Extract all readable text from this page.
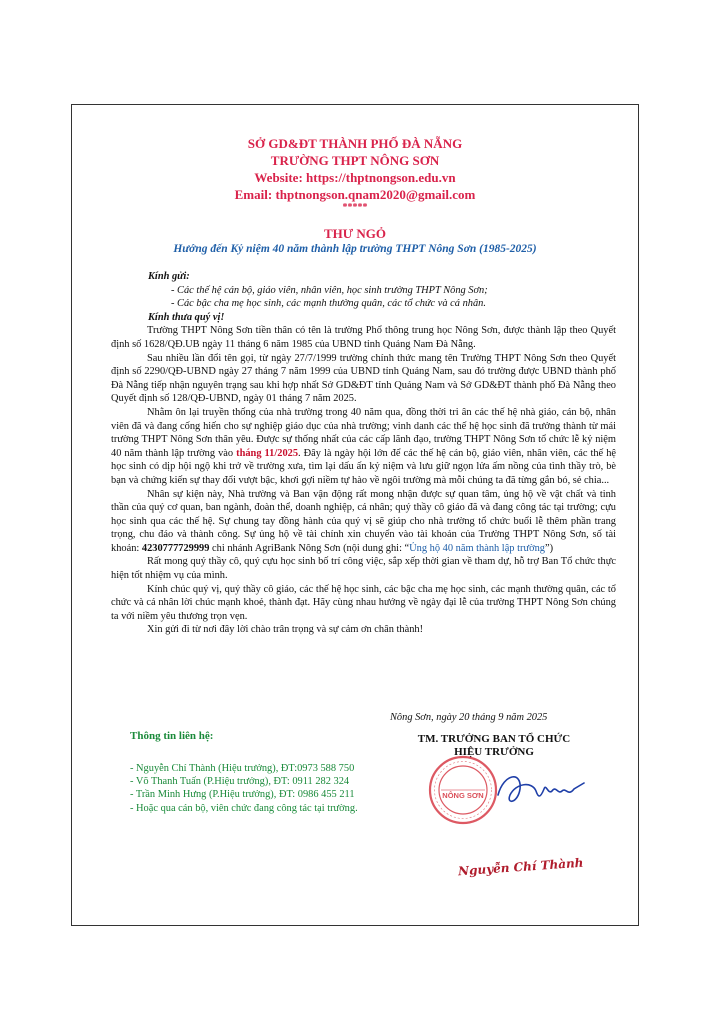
SỞ GD&ĐT THÀNH PHỐ ĐÀ NẴNG
TRƯỜNG THPT NÔNG SƠN
Website: https://thptnongson.edu.vn
Email: thptnongson.qnam2020@gmail.com
*****
THƯ NGỎ
Hướng đến Kỷ niệm 40 năm thành lập trường THPT Nông Sơn (1985-2025)
Kính gửi:
- Các thế hệ cán bộ, giáo viên, nhân viên, học sinh trường THPT Nông Sơn;
- Các bậc cha mẹ học sinh, các mạnh thường quân, các tổ chức và cá nhân.
Kính thưa quý vị!

Trường THPT Nông Sơn tiền thân có tên là trường Phổ thông trung học Nông Sơn, được thành lập theo Quyết định số 1628/QĐ.UB ngày 11 tháng 6 năm 1985 của UBND tỉnh Quảng Nam Đà Nẵng.

Sau nhiều lần đổi tên gọi, từ ngày 27/7/1999 trường chính thức mang tên Trường THPT Nông Sơn theo Quyết định số 2290/QĐ-UBND ngày 27 tháng 7 năm 1999 của UBND tỉnh Quảng Nam, sau đó trường được UBND thành phố Đà Nẵng tiếp nhận nguyên trạng sau khi hợp nhất Sở GD&ĐT tỉnh Quảng Nam và Sở GD&ĐT thành phố Đà Nẵng theo Quyết định số 128/QĐ-UBND, ngày 01 tháng 7 năm 2025.

Nhằm ôn lại truyền thống của nhà trường trong 40 năm qua, đồng thời tri ân các thế hệ nhà giáo, cán bộ, nhân viên đã và đang cống hiến cho sự nghiệp giáo dục của nhà trường; vinh danh các thế hệ học sinh đã trưởng thành từ mái trường THPT Nông Sơn thân yêu. Được sự thống nhất của các cấp lãnh đạo, trường THPT Nông Sơn tổ chức lễ kỷ niệm 40 năm thành lập trường vào tháng 11/2025. Đây là ngày hội lớn để các thế hệ cán bộ, giáo viên, nhân viên, các thế hệ học sinh có dịp hội ngộ khi trở về trường xưa, tìm lại dấu ấn kỷ niệm và lưu giữ ngọn lửa ấm nồng của tình thầy trò, bè bạn và chứng kiến sự thay đổi vượt bậc, khơi gợi niềm tự hào về ngôi trường mà mỗi chúng ta đã từng gắn bó, sẻ chia...

Nhân sự kiện này, Nhà trường và Ban vận động rất mong nhận được sự quan tâm, ủng hộ về vật chất và tinh thần của quý cơ quan, ban ngành, đoàn thể, doanh nghiệp, cá nhân; quý thầy cô giáo đã và đang công tác tại trường; cựu học sinh qua các thế hệ. Sự chung tay đồng hành của quý vị sẽ giúp cho nhà trường tổ chức buổi lễ thêm phần trang trọng, chu đáo và thành công. Sự ủng hộ về tài chính xin chuyển vào tài khoản của Trường THPT Nông Sơn, số tài khoản: 4230777729999 chi nhánh AgriBank Nông Sơn (nội dung ghi: “Ủng hộ 40 năm thành lập trường”)

Rất mong quý thầy cô, quý cựu học sinh bố trí công việc, sắp xếp thời gian về tham dự, hỗ trợ Ban Tổ chức thực hiện tốt nhiệm vụ của mình.

Kính chúc quý vị, quý thầy cô giáo, các thế hệ học sinh, các bậc cha mẹ học sinh, các mạnh thường quân, các tổ chức và cá nhân lời chúc mạnh khoẻ, thành đạt. Hãy cùng nhau hướng về ngày đại lễ của trường THPT Nông Sơn chúng ta với niềm yêu thương trọn vẹn.

Xin gửi đi từ nơi đây lời chào trân trọng và sự cảm ơn chân thành!

Nông Sơn, ngày 20 tháng 9 năm 2025
Thông tin liên hệ:
- Nguyễn Chí Thành (Hiệu trưởng), ĐT:0973 588 750
- Võ Thanh Tuấn (P.Hiệu trưởng), ĐT: 0911 282 324
- Trần Minh Hưng (P.Hiệu trưởng), ĐT: 0986 455 211
- Hoặc qua cán bộ, viên chức đang công tác tại trường.
TM. TRƯỞNG BAN TỔ CHỨC
HIỆU TRƯỞNG
NÔNG SƠN
Nguyễn Chí Thành
